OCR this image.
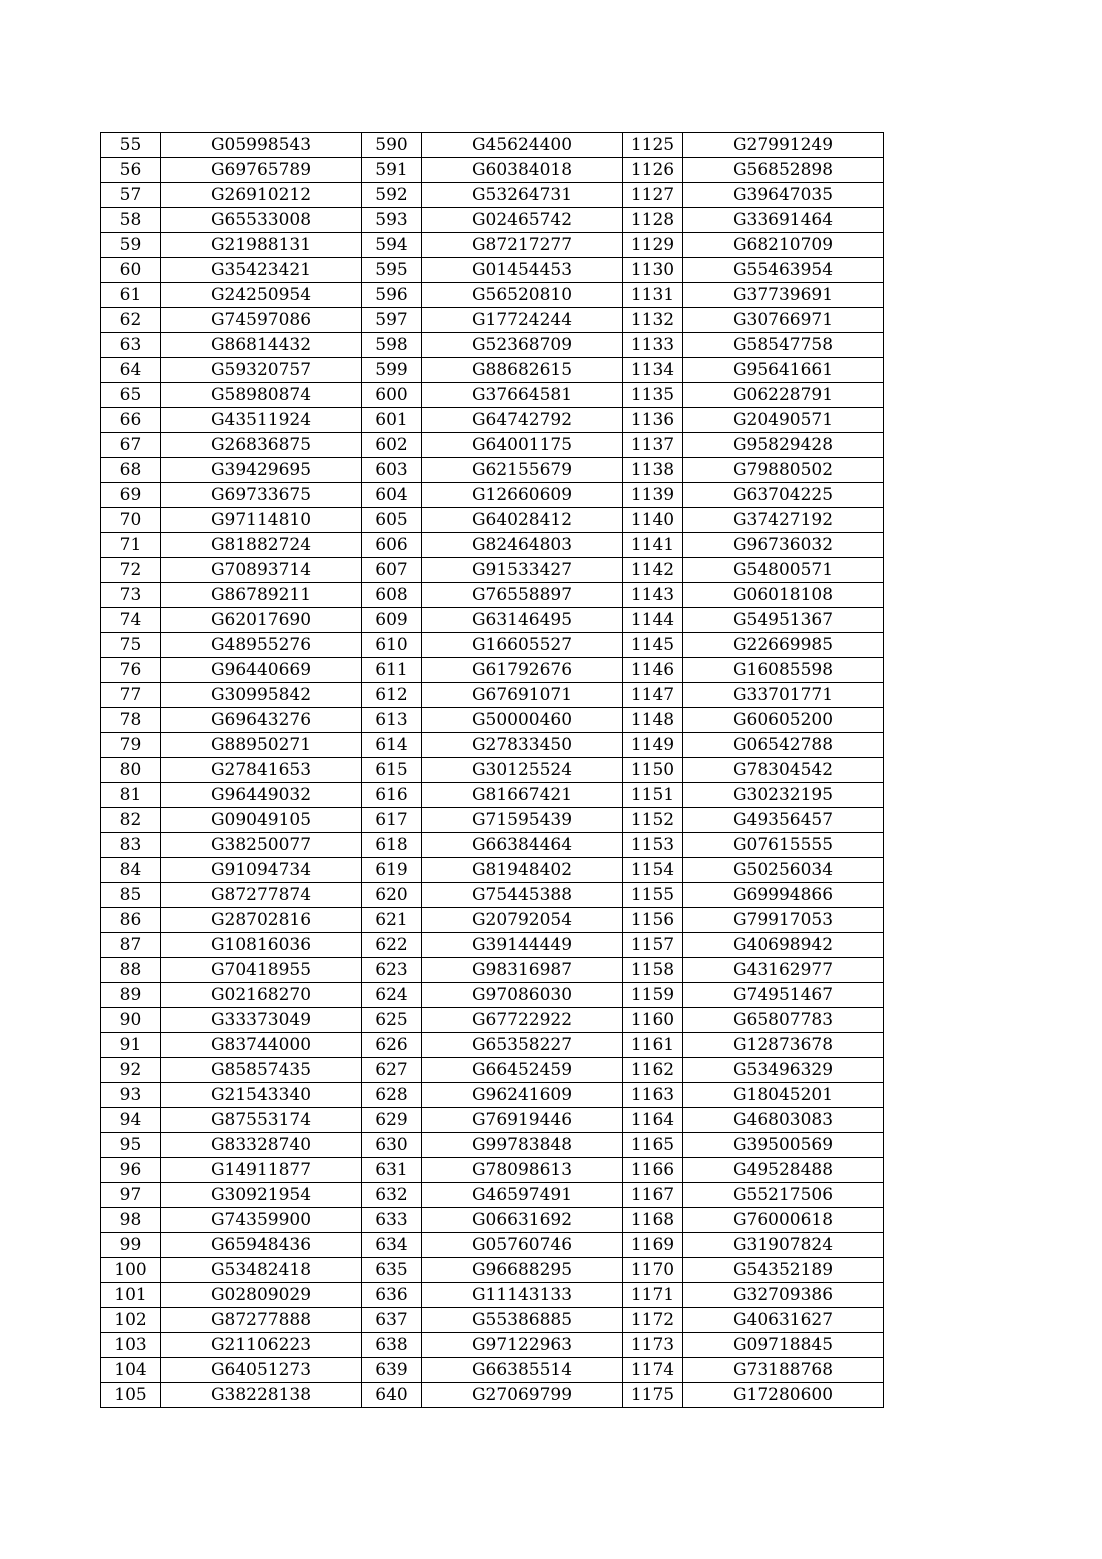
55	G05998543	590	G45624400	1125	G27991249
56	G69765789	591	G60384018	1126	G56852898
57	G26910212	592	G53264731	1127	G39647035
58	G65533008	593	G02465742	1128	G33691464
59	G21988131	594	G87217277	1129	G68210709
60	G35423421	595	G01454453	1130	G55463954
61	G24250954	596	G56520810	1131	G37739691
62	G74597086	597	G17724244	1132	G30766971
63	G86814432	598	G52368709	1133	G58547758
64	G59320757	599	G88682615	1134	G95641661
65	G58980874	600	G37664581	1135	G06228791
66	G43511924	601	G64742792	1136	G20490571
67	G26836875	602	G64001175	1137	G95829428
68	G39429695	603	G62155679	1138	G79880502
69	G69733675	604	G12660609	1139	G63704225
70	G97114810	605	G64028412	1140	G37427192
71	G81882724	606	G82464803	1141	G96736032
72	G70893714	607	G91533427	1142	G54800571
73	G86789211	608	G76558897	1143	G06018108
74	G62017690	609	G63146495	1144	G54951367
75	G48955276	610	G16605527	1145	G22669985
76	G96440669	611	G61792676	1146	G16085598
77	G30995842	612	G67691071	1147	G33701771
78	G69643276	613	G50000460	1148	G60605200
79	G88950271	614	G27833450	1149	G06542788
80	G27841653	615	G30125524	1150	G78304542
81	G96449032	616	G81667421	1151	G30232195
82	G09049105	617	G71595439	1152	G49356457
83	G38250077	618	G66384464	1153	G07615555
84	G91094734	619	G81948402	1154	G50256034
85	G87277874	620	G75445388	1155	G69994866
86	G28702816	621	G20792054	1156	G79917053
87	G10816036	622	G39144449	1157	G40698942
88	G70418955	623	G98316987	1158	G43162977
89	G02168270	624	G97086030	1159	G74951467
90	G33373049	625	G67722922	1160	G65807783
91	G83744000	626	G65358227	1161	G12873678
92	G85857435	627	G66452459	1162	G53496329
93	G21543340	628	G96241609	1163	G18045201
94	G87553174	629	G76919446	1164	G46803083
95	G83328740	630	G99783848	1165	G39500569
96	G14911877	631	G78098613	1166	G49528488
97	G30921954	632	G46597491	1167	G55217506
98	G74359900	633	G06631692	1168	G76000618
99	G65948436	634	G05760746	1169	G31907824
100	G53482418	635	G96688295	1170	G54352189
101	G02809029	636	G11143133	1171	G32709386
102	G87277888	637	G55386885	1172	G40631627
103	G21106223	638	G97122963	1173	G09718845
104	G64051273	639	G66385514	1174	G73188768
105	G38228138	640	G27069799	1175	G17280600
